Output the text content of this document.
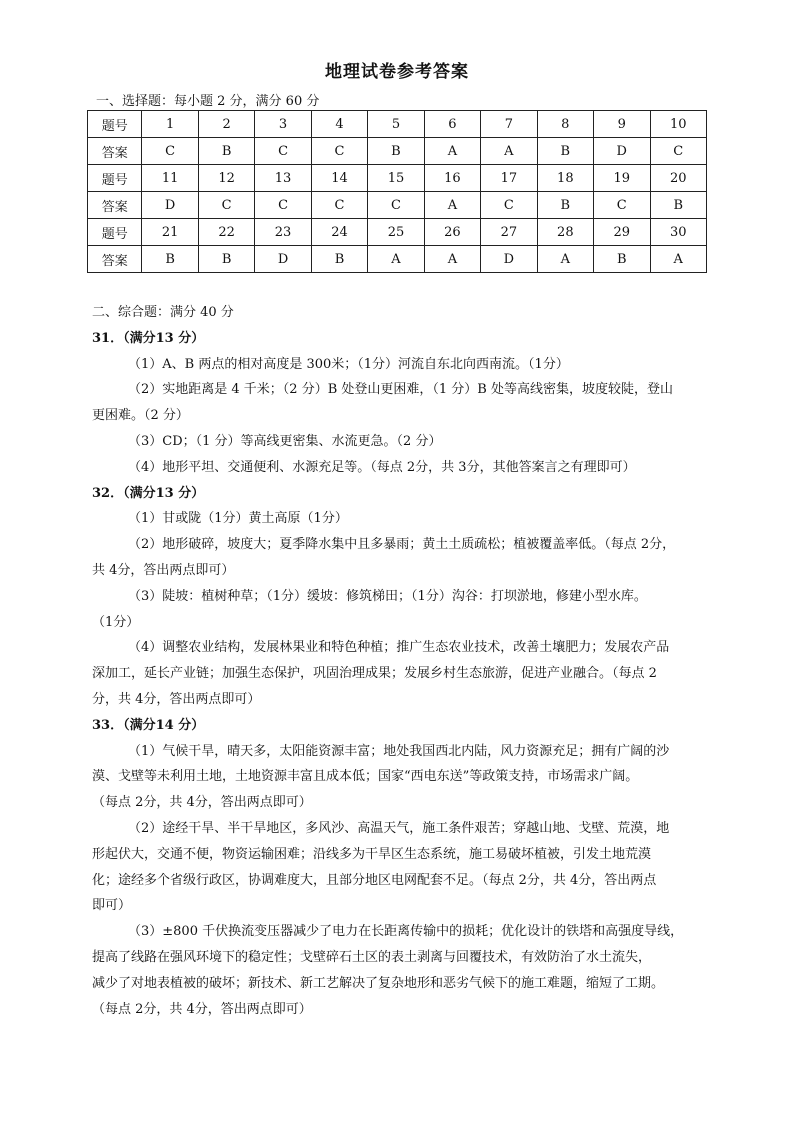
地理试卷参考答案
一、选择题：每小题 2 分，满分 60 分
题号	1	2	3	4	5	6	7	8	9	10
答案	C	B	C	C	B	A	A	B	D	C
题号	11	12	13	14	15	16	17	18	19	20
答案	D	C	C	C	C	A	C	B	C	B
题号	21	22	23	24	25	26	27	28	29	30
答案	B	B	D	B	A	A	D	A	B	A
二、综合题：满分 40 分
31．（满分13 分）
（1）A、B 两点的相对高度是 300米；（1分）河流自东北向西南流。（1分）
（2）实地距离是 4 千米；（2 分）B 处登山更困难，（1 分）B 处等高线密集，坡度较陡，登山
更困难。（2 分）
（3）CD；（1 分）等高线更密集、水流更急。（2 分）
（4）地形平坦、交通便利、水源充足等。（每点 2分，共 3分，其他答案言之有理即可）
32．（满分13 分）
（1）甘或陇（1分）黄土高原（1分）
（2）地形破碎，坡度大；夏季降水集中且多暴雨；黄土土质疏松；植被覆盖率低。（每点 2分，
共 4分，答出两点即可）
（3）陡坡：植树种草；（1分）缓坡：修筑梯田；（1分）沟谷：打坝淤地，修建小型水库。
（1分）
（4）调整农业结构，发展林果业和特色种植；推广生态农业技术，改善土壤肥力；发展农产品
深加工，延长产业链；加强生态保护，巩固治理成果；发展乡村生态旅游，促进产业融合。（每点 2
分，共 4分，答出两点即可）
33．（满分14 分）
（1）气候干旱，晴天多，太阳能资源丰富；地处我国西北内陆，风力资源充足；拥有广阔的沙
漠、戈壁等未利用土地，土地资源丰富且成本低；国家“西电东送”等政策支持，市场需求广阔。
（每点 2分，共 4分，答出两点即可）
（2）途经干旱、半干旱地区，多风沙、高温天气，施工条件艰苦；穿越山地、戈壁、荒漠，地
形起伏大，交通不便，物资运输困难；沿线多为干旱区生态系统，施工易破坏植被，引发土地荒漠
化；途经多个省级行政区，协调难度大，且部分地区电网配套不足。（每点 2分，共 4分，答出两点
即可）
（3）±800 千伏换流变压器减少了电力在长距离传输中的损耗；优化设计的铁塔和高强度导线，
提高了线路在强风环境下的稳定性；戈壁碎石土区的表土剥离与回覆技术，有效防治了水土流失，
减少了对地表植被的破坏；新技术、新工艺解决了复杂地形和恶劣气候下的施工难题，缩短了工期。
（每点 2分，共 4分，答出两点即可）
